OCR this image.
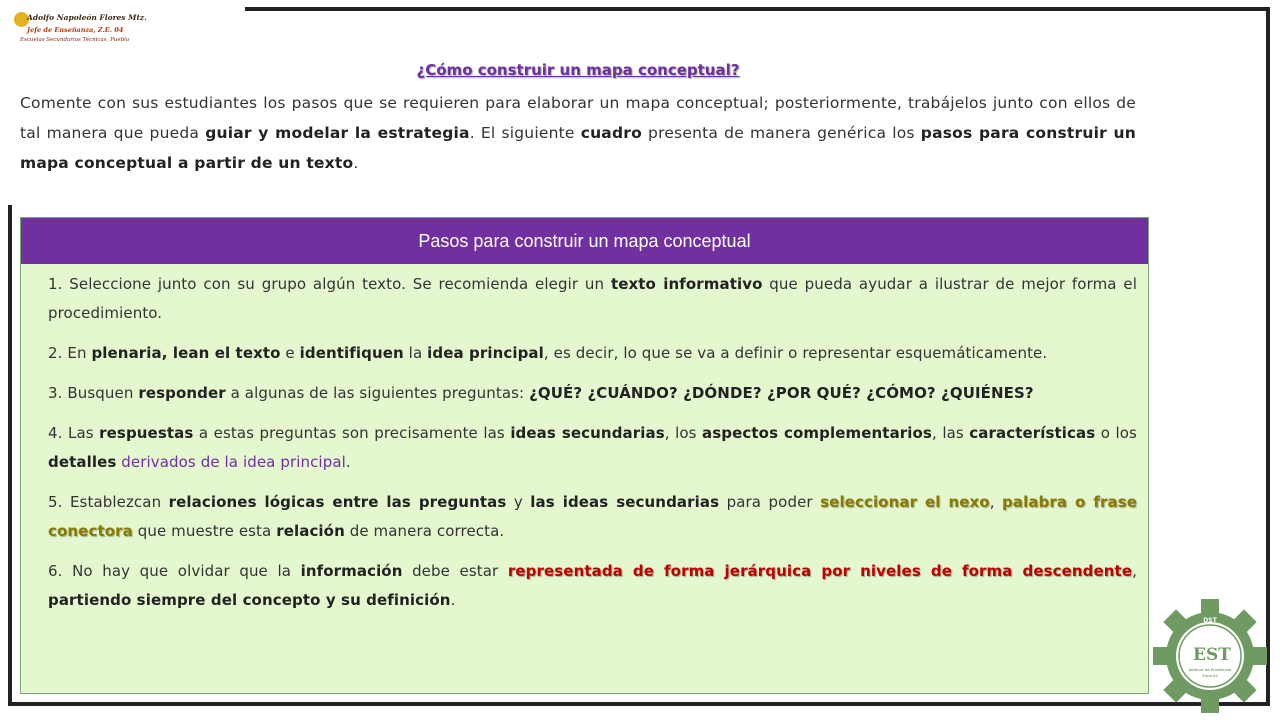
Adolfo Napoleón Flores Mtz.
Jefe de Enseñanza, Z.E. 04
Escuelas Secundarias Técnicas, Puebla
¿Cómo construir un mapa conceptual?

Comente con sus estudiantes los pasos que se requieren para elaborar un mapa conceptual; posteriormente, trabájelos junto con ellos de tal manera que pueda guiar y modelar la estrategia. El siguiente cuadro presenta de manera genérica los pasos para construir un mapa conceptual a partir de un texto.

Pasos para construir un mapa conceptual

1. Seleccione junto con su grupo algún texto. Se recomienda elegir un texto informativo que pueda ayudar a ilustrar de mejor forma el procedimiento.

2. En plenaria, lean el texto e identifiquen la idea principal, es decir, lo que se va a definir o representar esquemáticamente.

3. Busquen responder a algunas de las siguientes preguntas: ¿QUÉ? ¿CUÁNDO? ¿DÓNDE? ¿POR QUÉ? ¿CÓMO? ¿QUIÉNES?

4. Las respuestas a estas preguntas son precisamente las ideas secundarias, los aspectos complementarios, las características o los detalles derivados de la idea principal.

5. Establezcan relaciones lógicas entre las preguntas y las ideas secundarias para poder seleccionar el nexo, palabra o frase conectora que muestre esta relación de manera correcta.

6. No hay que olvidar que la información debe estar representada de forma jerárquica por niveles de forma descendente, partiendo siempre del concepto y su definición.

DST
EST
Jefatura de Enseñanza
Zona 04
